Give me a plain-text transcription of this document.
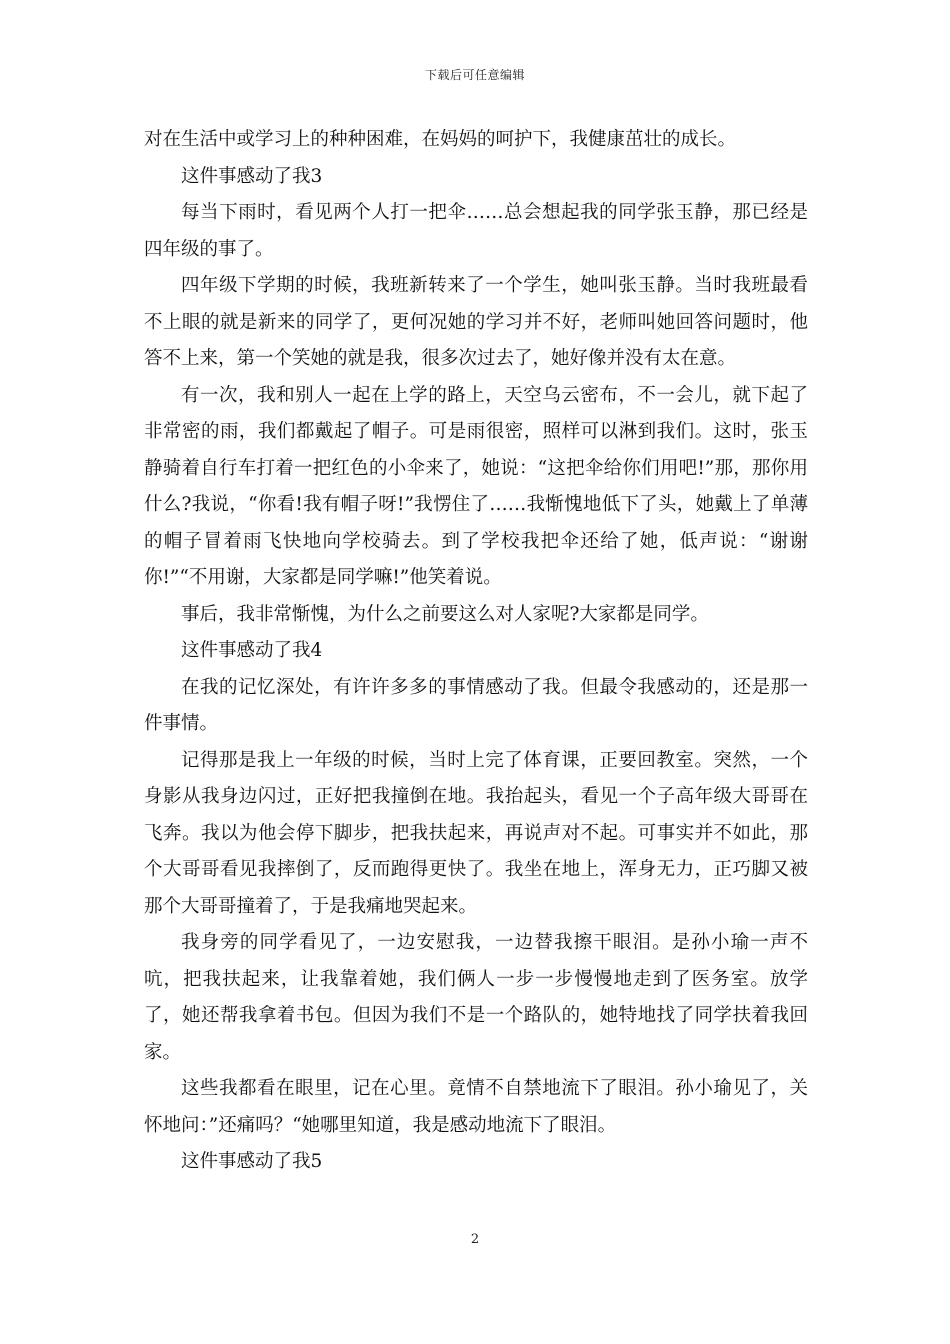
下载后可任意编辑

对在生活中或学习上的种种困难，在妈妈的呵护下，我健康茁壮的成长。

这件事感动了我3

每当下雨时，看见两个人打一把伞……总会想起我的同学张玉静，那已经是四年级的事了。

四年级下学期的时候，我班新转来了一个学生，她叫张玉静。当时我班最看不上眼的就是新来的同学了，更何况她的学习并不好，老师叫她回答问题时，他答不上来，第一个笑她的就是我，很多次过去了，她好像并没有太在意。

有一次，我和别人一起在上学的路上，天空乌云密布，不一会儿，就下起了非常密的雨，我们都戴起了帽子。可是雨很密，照样可以淋到我们。这时，张玉静骑着自行车打着一把红色的小伞来了，她说：“这把伞给你们用吧!”那，那你用什么?我说，“你看!我有帽子呀!”我愣住了……我惭愧地低下了头，她戴上了单薄的帽子冒着雨飞快地向学校骑去。到了学校我把伞还给了她，低声说：“谢谢你!”“不用谢，大家都是同学嘛!”他笑着说。

事后，我非常惭愧，为什么之前要这么对人家呢?大家都是同学。

这件事感动了我4

在我的记忆深处，有许许多多的事情感动了我。但最令我感动的，还是那一件事情。

记得那是我上一年级的时候，当时上完了体育课，正要回教室。突然，一个身影从我身边闪过，正好把我撞倒在地。我抬起头，看见一个子高年级大哥哥在飞奔。我以为他会停下脚步，把我扶起来，再说声对不起。可事实并不如此，那个大哥哥看见我摔倒了，反而跑得更快了。我坐在地上，浑身无力，正巧脚又被那个大哥哥撞着了，于是我痛地哭起来。

我身旁的同学看见了，一边安慰我，一边替我擦干眼泪。是孙小瑜一声不吭，把我扶起来，让我靠着她，我们俩人一步一步慢慢地走到了医务室。放学了，她还帮我拿着书包。但因为我们不是一个路队的，她特地找了同学扶着我回家。

这些我都看在眼里，记在心里。竟情不自禁地流下了眼泪。孙小瑜见了，关怀地问：”还痛吗？“她哪里知道，我是感动地流下了眼泪。

这件事感动了我5

2
